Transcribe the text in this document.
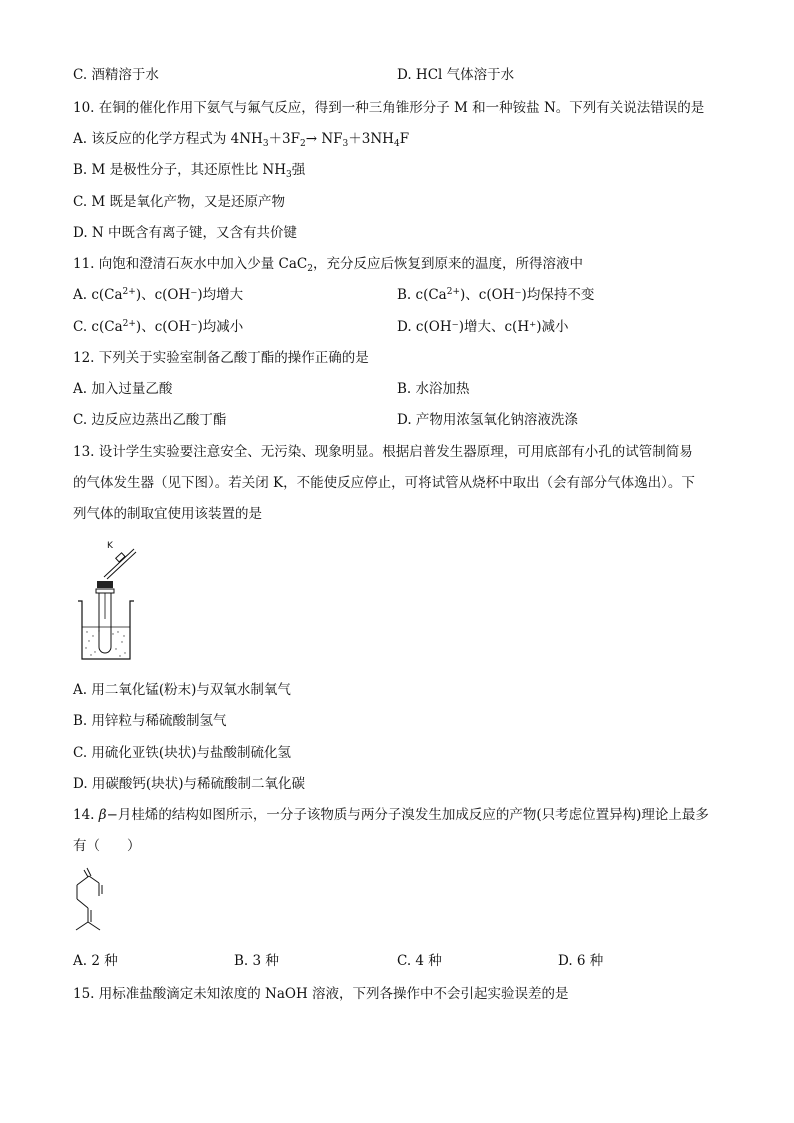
C. 酒精溶于水	D. HCl 气体溶于水
10. 在铜的催化作用下氨气与氟气反应，得到一种三角锥形分子 M 和一种铵盐 N。下列有关说法错误的是
A. 该反应的化学方程式为 $4NH_3+3F_2\to NF_3+3NH_4F$
B. M 是极性分子，其还原性比 $NH_3$强
C. M 既是氧化产物，又是还原产物
D. N 中既含有离子键，又含有共价键
11. 向饱和澄清石灰水中加入少量 CaC$_2$，充分反应后恢复到原来的温度，所得溶液中
A. $c(Ca^{2+})$、c(OH⁻)均增大	B. $c(Ca^{2+})$、c(OH⁻)均保持不变
C. $c(Ca^{2+})$、c(OH⁻)均减小	D. c(OH⁻)增大、c(H⁺)减小
12. 下列关于实验室制备乙酸丁酯的操作正确的是
A. 加入过量乙酸	B. 水浴加热
C. 边反应边蒸出乙酸丁酯	D. 产物用浓氢氧化钠溶液洗涤
13. 设计学生实验要注意安全、无污染、现象明显。根据启普发生器原理，可用底部有小孔的试管制简易
的气体发生器（见下图）。若关闭 K，不能使反应停止，可将试管从烧杯中取出（会有部分气体逸出）。下
列气体的制取宜使用该装置的是
K
A. 用二氧化锰(粉末)与双氧水制氧气
B. 用锌粒与稀硫酸制氢气
C. 用硫化亚铁(块状)与盐酸制硫化氢
D. 用碳酸钙(块状)与稀硫酸制二氧化碳
14. β−月桂烯的结构如图所示，一分子该物质与两分子溴发生加成反应的产物(只考虑位置异构)理论上最多
有（　　）
A. 2 种	B. 3 种	C. 4 种	D. 6 种
15. 用标准盐酸滴定未知浓度的 NaOH 溶液，下列各操作中不会引起实验误差的是
